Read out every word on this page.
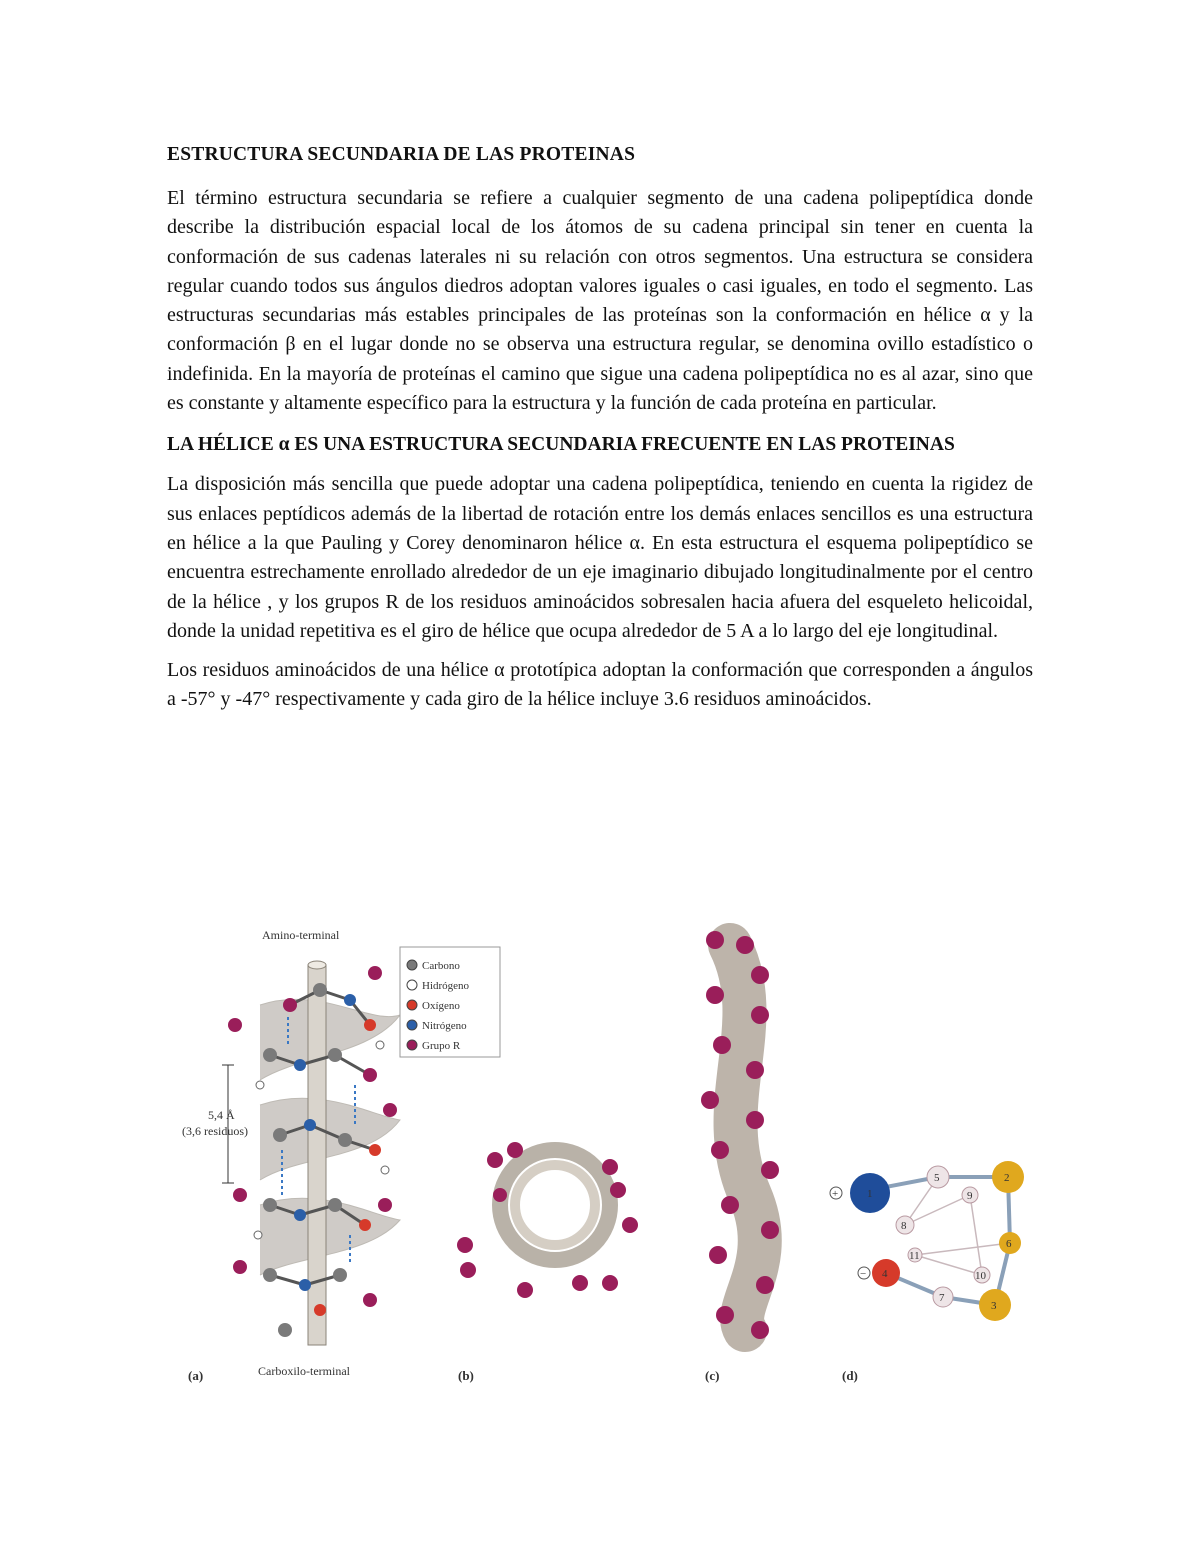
ESTRUCTURA SECUNDARIA DE LAS PROTEINAS

El término estructura secundaria se refiere a cualquier segmento de una cadena polipeptídica donde describe la distribución espacial local de los átomos de su cadena principal sin tener en cuenta la conformación de sus cadenas laterales ni su relación con otros segmentos. Una estructura se considera regular cuando todos sus ángulos diedros adoptan valores iguales o casi iguales, en todo el segmento. Las estructuras secundarias más estables principales de las proteínas son la conformación en hélice α y la conformación β en el lugar donde no se observa una estructura regular, se denomina ovillo estadístico o indefinida. En la mayoría de proteínas el camino que sigue una cadena polipeptídica no es al azar, sino que es constante y altamente específico para la estructura y la función de cada proteína en particular.

LA HÉLICE α ES UNA ESTRUCTURA SECUNDARIA FRECUENTE EN LAS PROTEINAS

La disposición más sencilla que puede adoptar una cadena polipeptídica, teniendo en cuenta la rigidez de sus enlaces peptídicos además de la libertad de rotación entre los demás enlaces sencillos es una estructura en hélice a la que Pauling y Corey denominaron hélice α. En esta estructura el esquema polipeptídico se encuentra estrechamente enrollado alrededor de un eje imaginario dibujado longitudinalmente por el centro de la hélice , y los grupos R de los residuos aminoácidos sobresalen hacia afuera del esqueleto helicoidal, donde la unidad repetitiva es el giro de hélice que ocupa alrededor de 5 A a lo largo del eje longitudinal.

Los residuos aminoácidos de una hélice α prototípica adoptan la conformación que corresponden a ángulos a -57° y -47° respectivamente y cada giro de la hélice incluye 3.6 residuos aminoácidos.

Amino-terminal
Carboxilo-terminal
5,4 Å
(3,6 residuos)
Carbono
Hidrógeno
Oxígeno
Nitrógeno
Grupo R
(a)	(b)	(c)
1
2
3
4
5
6
7
8
9
10
11
+
−
(d)
